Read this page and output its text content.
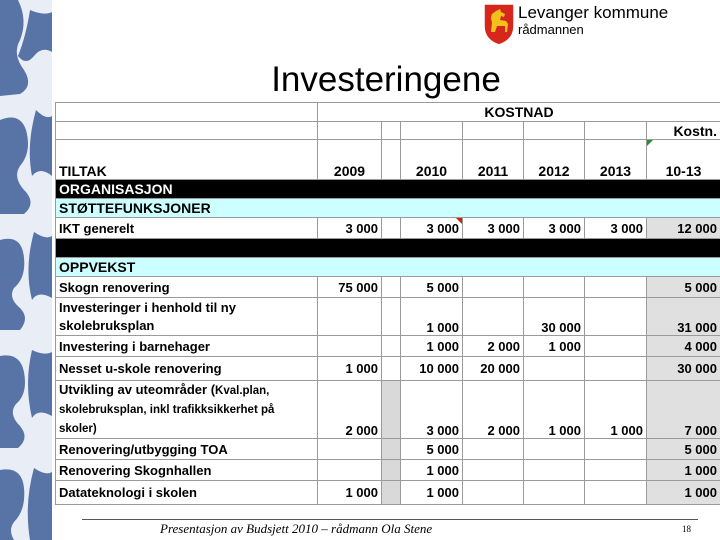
Levanger kommune
rådmannen
Investeringene
	KOSTNAD						
							Kostn.
TILTAK	2009		2010	2011	2012	2013	10-13
ORGANISASJON							
STØTTEFUNKSJONER							
IKT generelt	3 000		3 000	3 000	3 000	3 000	12 000

OPPVEKST							
Skogn renovering	75 000		5 000				5 000
Investeringer i henhold til ny
skolebruksplan			1 000		30 000		31 000
Investering i barnehager			1 000	2 000	1 000		4 000
Nesset u-skole renovering	1 000		10 000	20 000			30 000
Utvikling av uteområder (Kval.plan,
skolebruksplan, inkl trafikksikkerhet på skoler)	2 000		3 000	2 000	1 000	1 000	7 000
Renovering/utbygging TOA			5 000				5 000
Renovering Skognhallen			1 000				1 000
Datateknologi i skolen	1 000		1 000				1 000
Presentasjon av Budsjett 2010 – rådmann Ola Stene	18
